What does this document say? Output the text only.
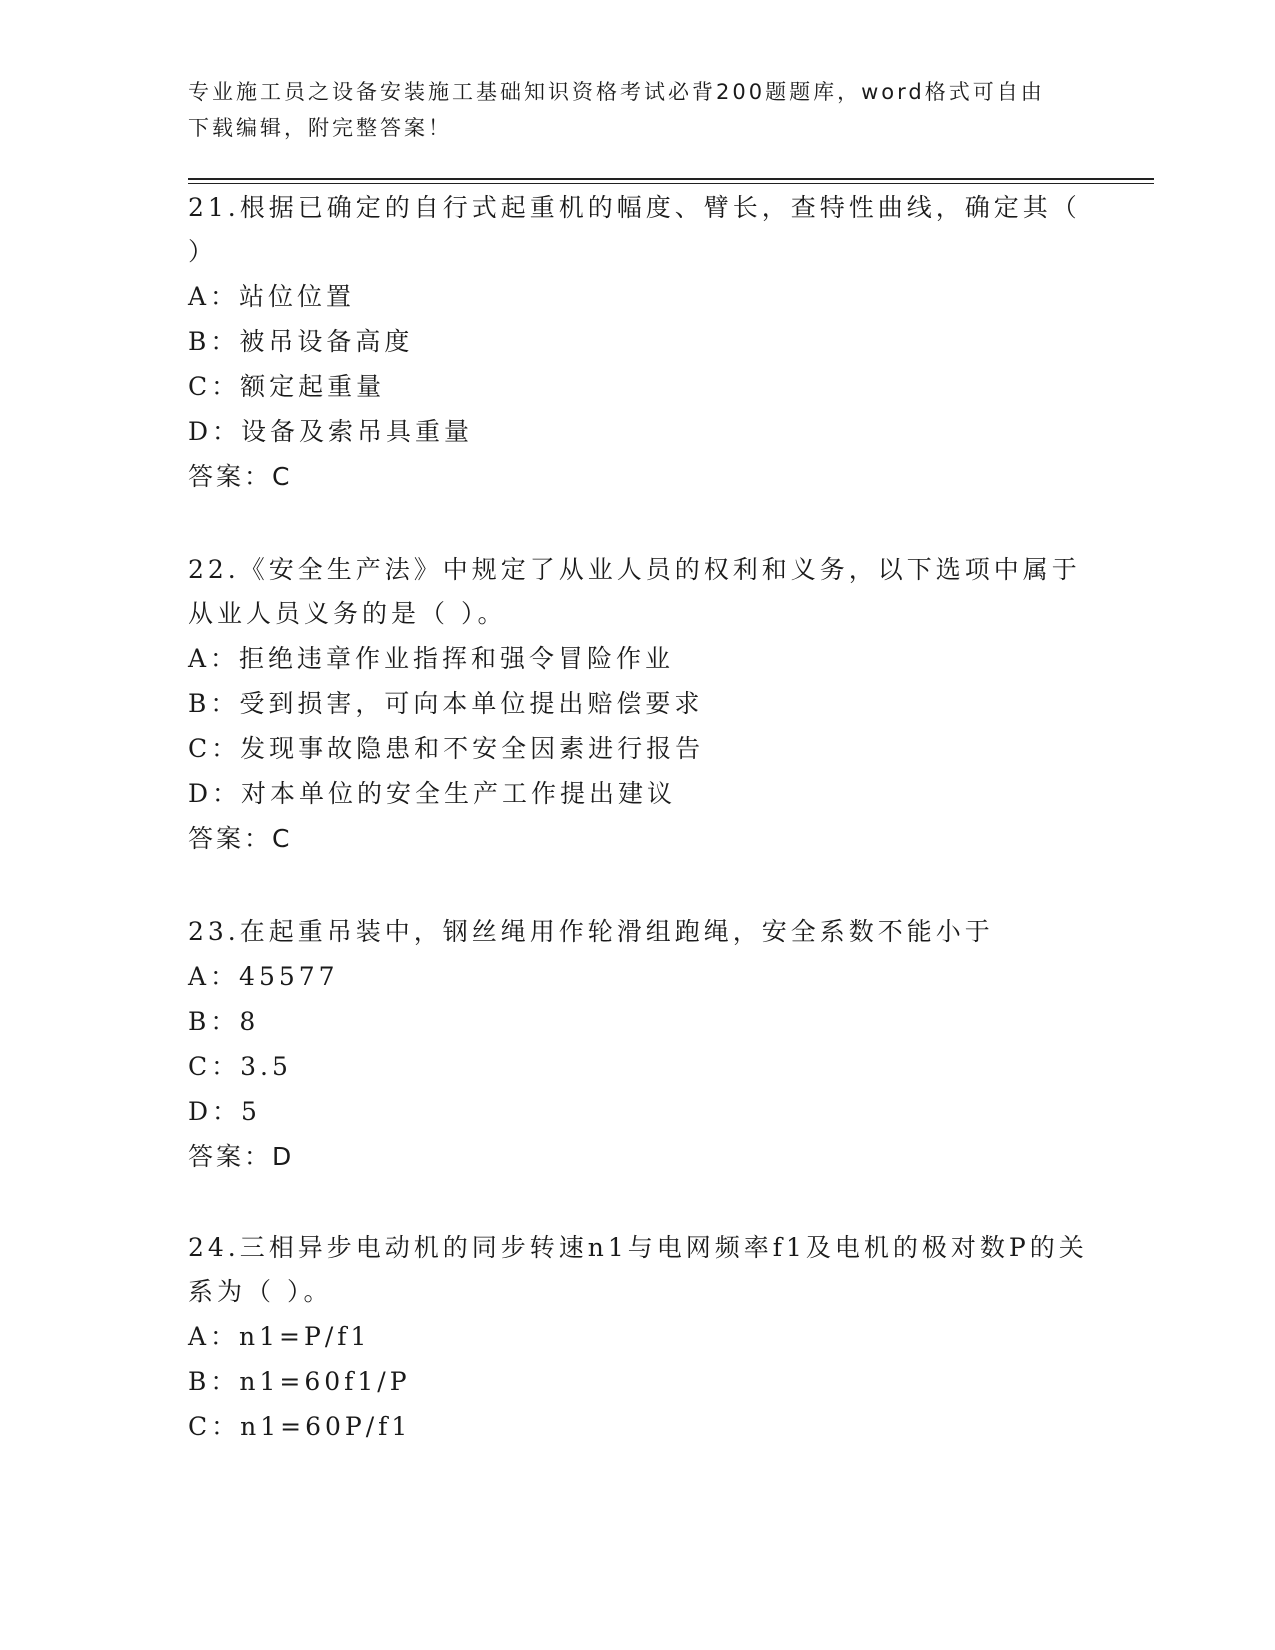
专业施工员之设备安装施工基础知识资格考试必背200题题库，word格式可自由下载编辑，附完整答案！
21.根据已确定的自行式起重机的幅度、臂长，查特性曲线，确定其（ ）
A：站位位置
B：被吊设备高度
C：额定起重量
D：设备及索吊具重量
答案：C
22.《安全生产法》中规定了从业人员的权利和义务，以下选项中属于从业人员义务的是（ ）。
A：拒绝违章作业指挥和强令冒险作业
B：受到损害，可向本单位提出赔偿要求
C：发现事故隐患和不安全因素进行报告
D：对本单位的安全生产工作提出建议
答案：C
23.在起重吊装中，钢丝绳用作轮滑组跑绳，安全系数不能小于
A：45577
B：8
C：3.5
D：5
答案：D
24.三相异步电动机的同步转速n1与电网频率f1及电机的极对数P的关系为（ ）。
A：n1=P/f1
B：n1=60f1/P
C：n1=60P/f1
